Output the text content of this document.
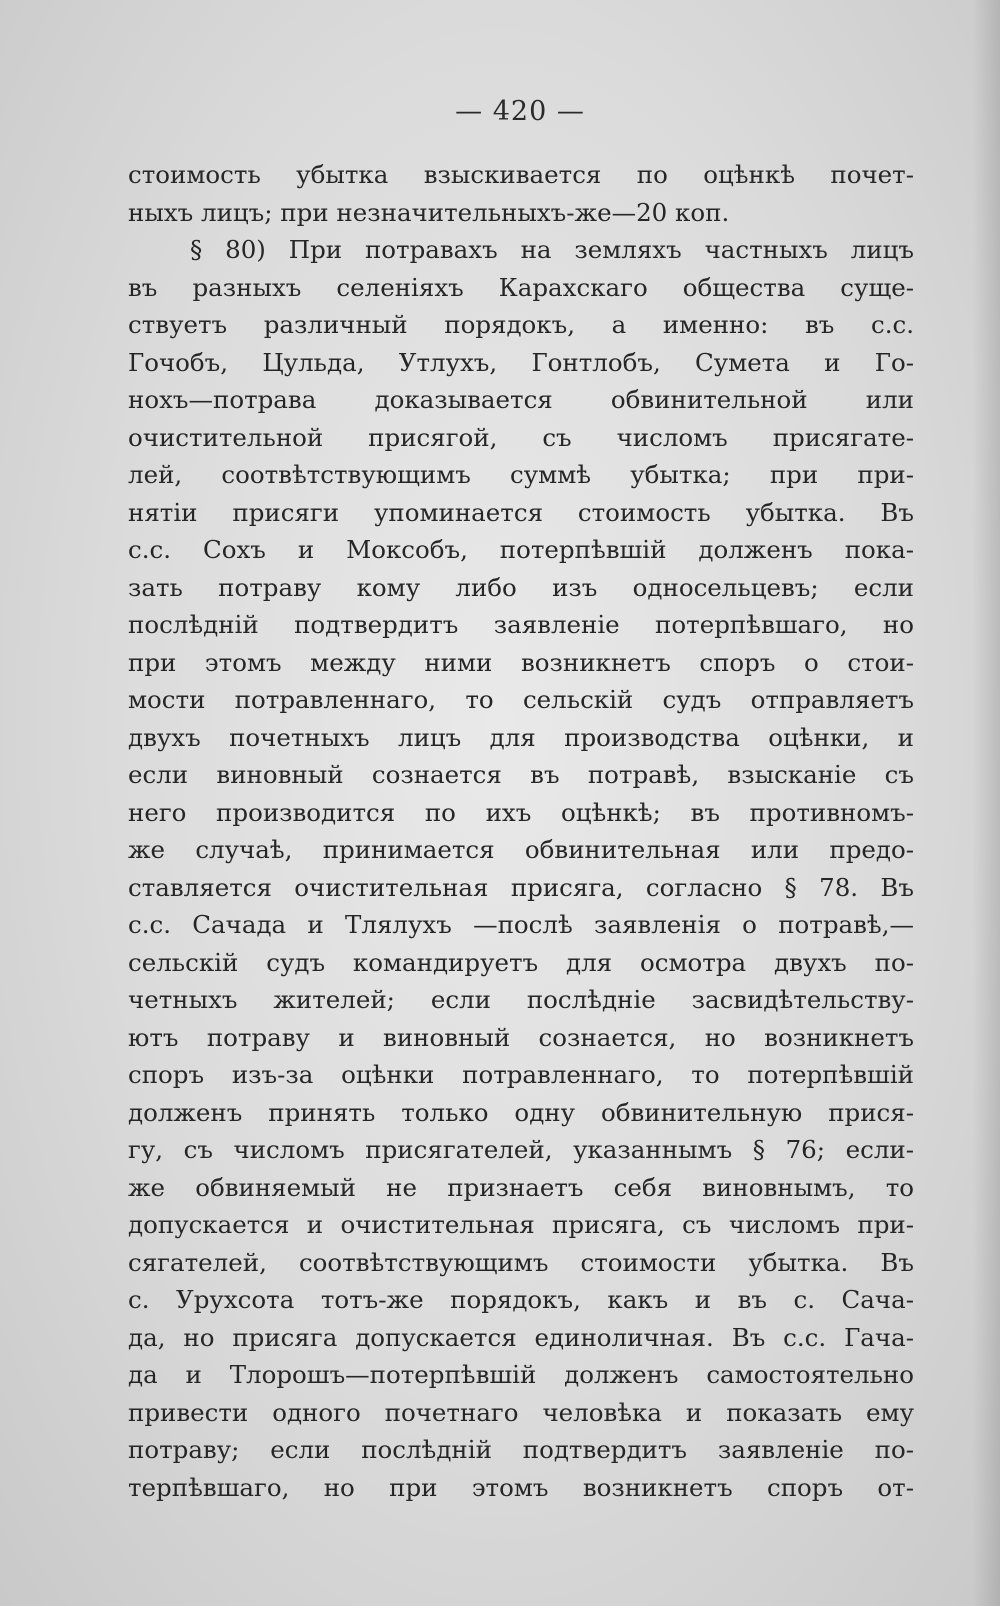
— 420 —
стоимость убытка взыскивается по оцѣнкѣ почет-
ныхъ лицъ; при незначительныхъ-же—20 коп.
§ 80) При потравахъ на земляхъ частныхъ лицъ
въ разныхъ селеніяхъ Карахскаго общества суще-
ствуетъ различный порядокъ, а именно: въ с.с.
Гочобъ, Цульда, Утлухъ, Гонтлобъ, Сумета и Го-
нохъ—потрава доказывается обвинительной или
очистительной присягой, съ числомъ присягате-
лей, соотвѣтствующимъ суммѣ убытка; при при-
нятіи присяги упоминается стоимость убытка. Въ
с.с. Сохъ и Моксобъ, потерпѣвшій долженъ пока-
зать потраву кому либо изъ односельцевъ; если
послѣдній подтвердитъ заявленіе потерпѣвшаго, но
при этомъ между ними возникнетъ споръ о стои-
мости потравленнаго, то сельскій судъ отправляетъ
двухъ почетныхъ лицъ для производства оцѣнки, и
если виновный сознается въ потравѣ, взысканіе съ
него производится по ихъ оцѣнкѣ; въ противномъ-
же случаѣ, принимается обвинительная или предо-
ставляется очистительная присяга, согласно § 78. Въ
с.с. Сачада и Тлялухъ —послѣ заявленія о потравѣ,—
сельскій судъ командируетъ для осмотра двухъ по-
четныхъ жителей; если послѣдніе засвидѣтельству-
ютъ потраву и виновный сознается, но возникнетъ
споръ изъ-за оцѣнки потравленнаго, то потерпѣвшій
долженъ принять только одну обвинительную прися-
гу, съ числомъ присягателей, указаннымъ § 76; если-
же обвиняемый не признаетъ себя виновнымъ, то
допускается и очистительная присяга, съ числомъ при-
сягателей, соотвѣтствующимъ стоимости убытка. Въ
с. Урухсота тотъ-же порядокъ, какъ и въ с. Сача-
да, но присяга допускается единоличная. Въ с.с. Гача-
да и Тлорошъ—потерпѣвшій долженъ самостоятельно
привести одного почетнаго человѣка и показать ему
потраву; если послѣдній подтвердитъ заявленіе по-
терпѣвшаго, но при этомъ возникнетъ споръ от-
